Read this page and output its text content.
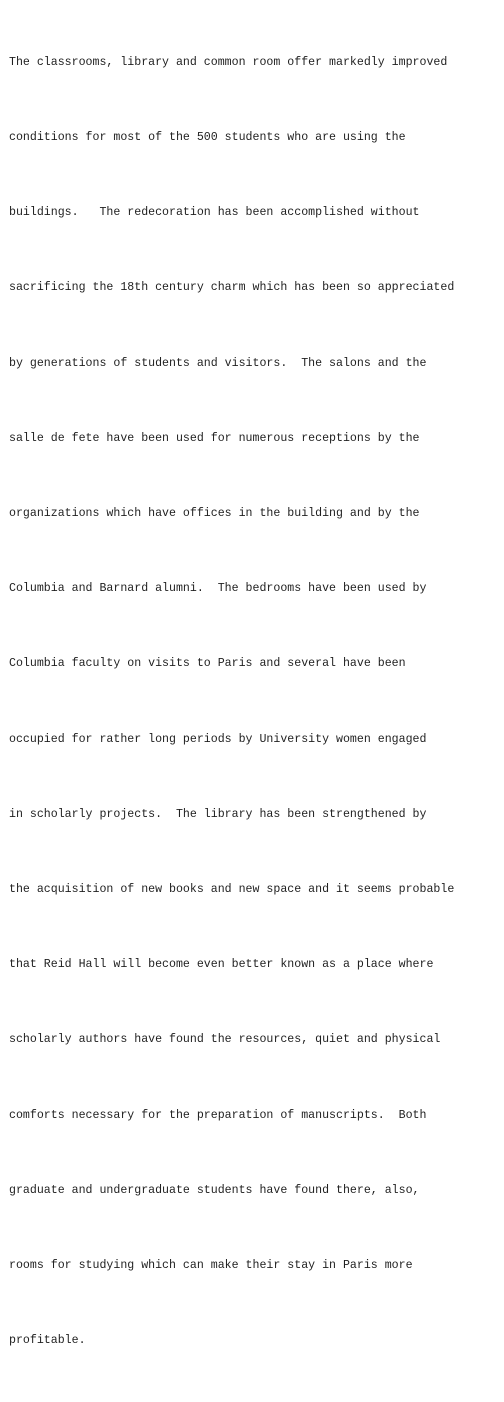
The classrooms, library and common room offer markedly improved

conditions for most of the 500 students who are using the

buildings.   The redecoration has been accomplished without

sacrificing the 18th century charm which has been so appreciated

by generations of students and visitors.  The salons and the

salle de fete have been used for numerous receptions by the

organizations which have offices in the building and by the

Columbia and Barnard alumni.  The bedrooms have been used by

Columbia faculty on visits to Paris and several have been

occupied for rather long periods by University women engaged

in scholarly projects.  The library has been strengthened by

the acquisition of new books and new space and it seems probable

that Reid Hall will become even better known as a place where

scholarly authors have found the resources, quiet and physical

comforts necessary for the preparation of manuscripts.  Both

graduate and undergraduate students have found there, also,

rooms for studying which can make their stay in Paris more

profitable.
